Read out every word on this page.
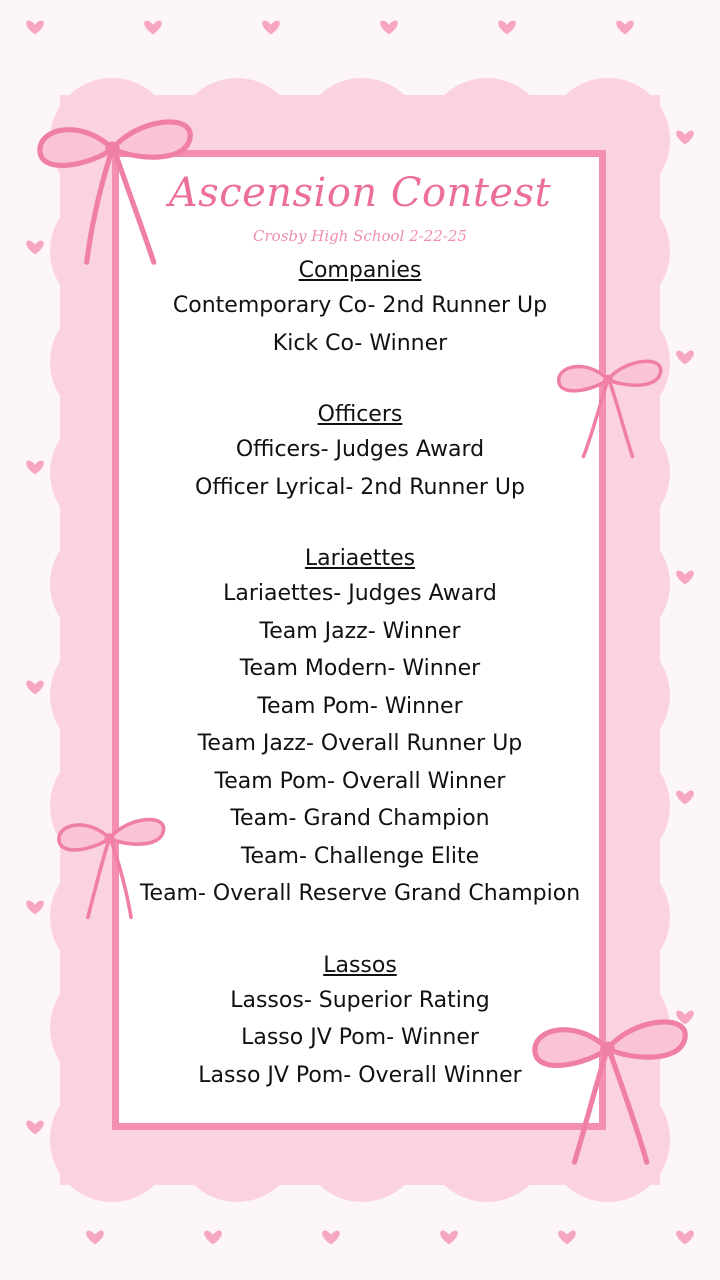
Ascension Contest
Crosby High School 2-22-25
Companies
Contemporary Co- 2nd Runner Up
Kick Co- Winner
Officers
Officers- Judges Award
Officer Lyrical- 2nd Runner Up
Lariaettes
Lariaettes- Judges Award
Team Jazz- Winner
Team Modern- Winner
Team Pom- Winner
Team Jazz- Overall Runner Up
Team Pom- Overall Winner
Team- Grand Champion
Team- Challenge Elite
Team- Overall Reserve Grand Champion
Lassos
Lassos- Superior Rating
Lasso JV Pom- Winner
Lasso JV Pom- Overall Winner
